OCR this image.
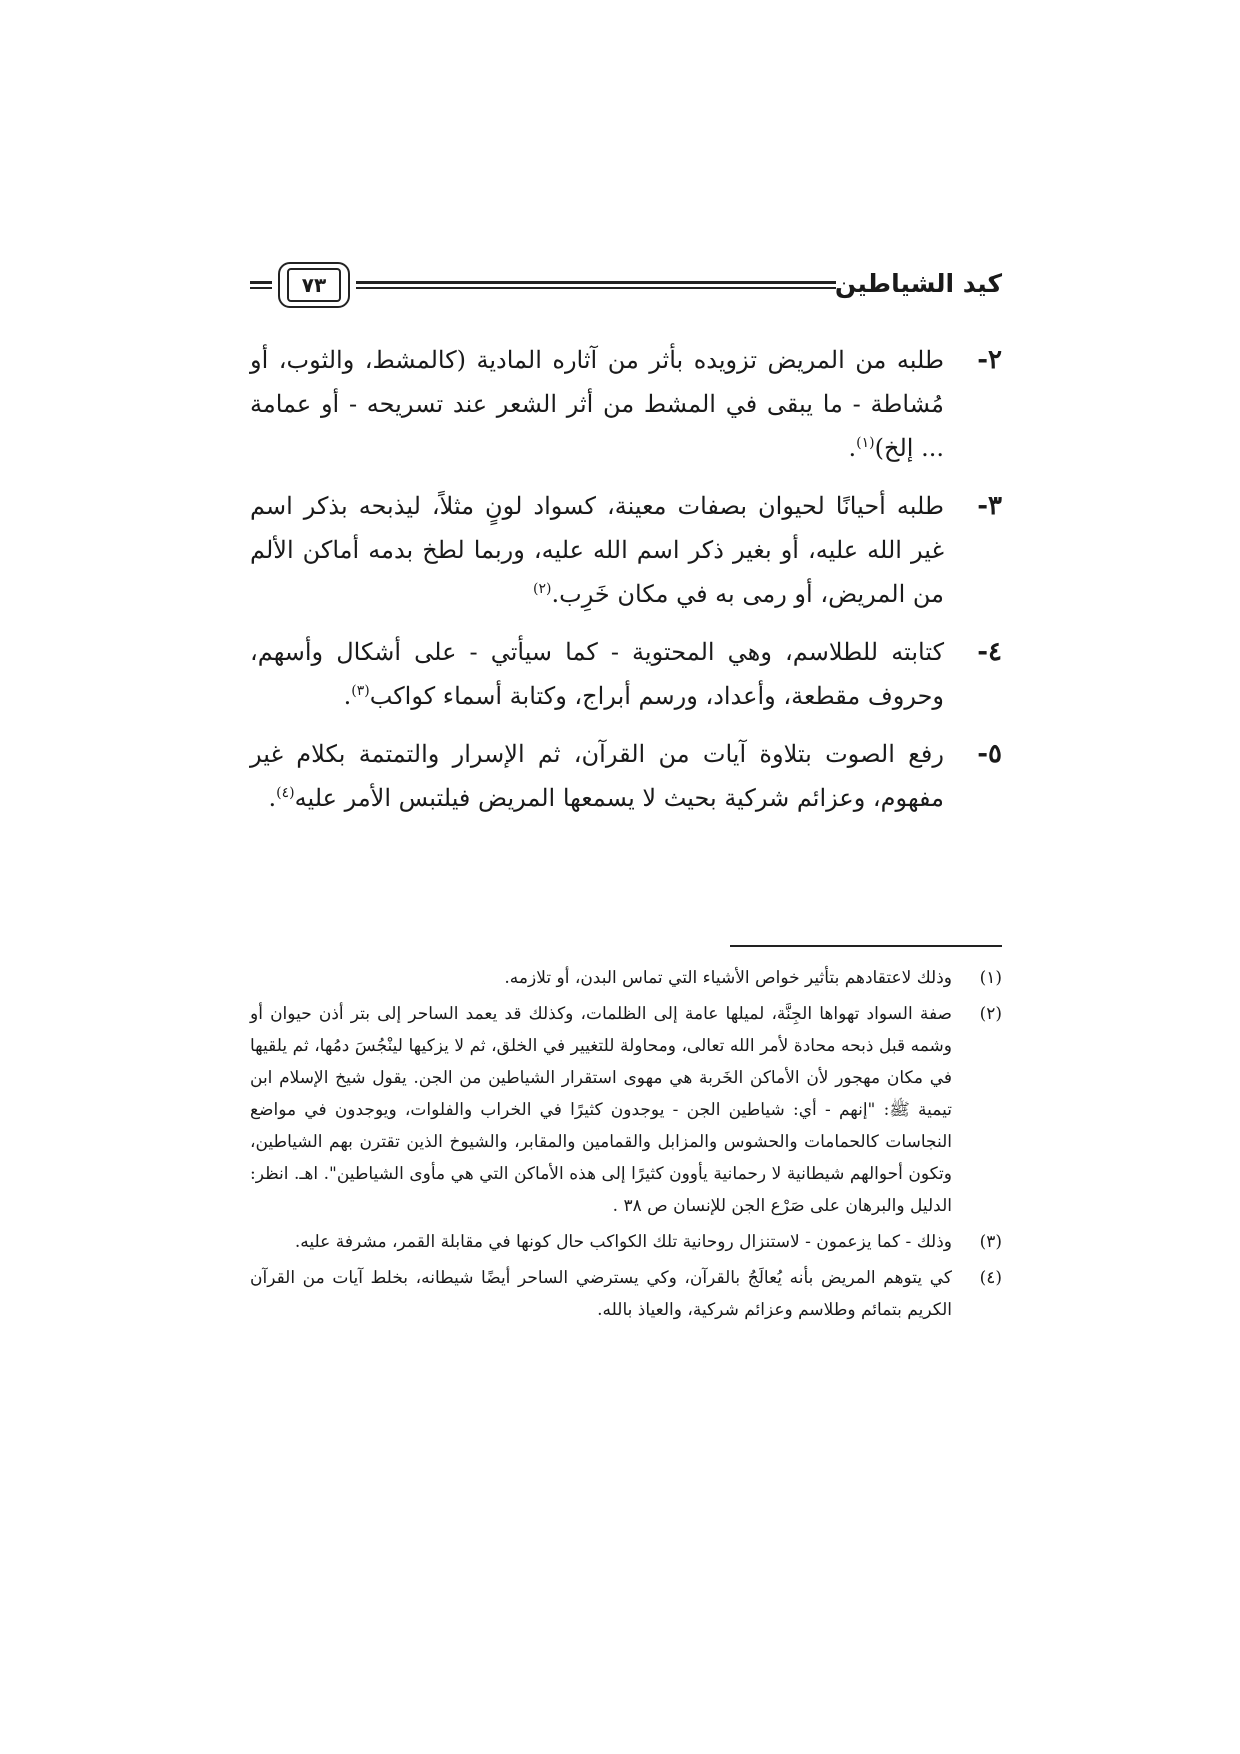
٧٣	كيد الشياطين
٢-
طلبه من المريض تزويده بأثر من آثاره المادية (كالمشط، والثوب، أو مُشاطة - ما يبقى في المشط من أثر الشعر عند تسريحه - أو عمامة ... إلخ)$^{(١)}$.
٣-
طلبه أحيانًا لحيوان بصفات معينة، كسواد لونٍ مثلاً، ليذبحه بذكر اسم غير الله عليه، أو بغير ذكر اسم الله عليه، وربما لطخ بدمه أماكن الألم من المريض، أو رمى به في مكان خَرِب.$^{(٢)}$
٤-
كتابته للطلاسم، وهي المحتوية - كما سيأتي - على أشكال وأسهم، وحروف مقطعة، وأعداد، ورسم أبراج، وكتابة أسماء كواكب$^{(٣)}$.
٥-
رفع الصوت بتلاوة آيات من القرآن، ثم الإسرار والتمتمة بكلام غير مفهوم، وعزائم شركية بحيث لا يسمعها المريض فيلتبس الأمر عليه$^{(٤)}$.
(١)
وذلك لاعتقادهم بتأثير خواص الأشياء التي تماس البدن، أو تلازمه.
(٢)
صفة السواد تهواها الجِنَّة، لميلها عامة إلى الظلمات، وكذلك قد يعمد الساحر إلى بتر أذن حيوان أو وشمه قبل ذبحه محادة لأمر الله تعالى، ومحاولة للتغيير في الخلق، ثم لا يزكيها لينْجُسَ دمُها، ثم يلقيها في مكان مهجور لأن الأماكن الخَربة هي مهوى استقرار الشياطين من الجن. يقول شيخ الإسلام ابن تيمية ﷺ: "إنهم - أي: شياطين الجن - يوجدون كثيرًا في الخراب والفلوات، ويوجدون في مواضع النجاسات كالحمامات والحشوس والمزابل والقمامين والمقابر، والشيوخ الذين تقترن بهم الشياطين، وتكون أحوالهم شيطانية لا رحمانية يأوون كثيرًا إلى هذه الأماكن التي هي مأوى الشياطين". اهـ. انظر: الدليل والبرهان على صَرْع الجن للإنسان ص ٣٨ .
(٣)
وذلك - كما يزعمون - لاستنزال روحانية تلك الكواكب حال كونها في مقابلة القمر، مشرفة عليه.
(٤)
كي يتوهم المريض بأنه يُعالَجُ بالقرآن، وكي يسترضي الساحر أيضًا شيطانه، بخلط آيات من القرآن الكريم بتمائم وطلاسم وعزائم شركية، والعياذ بالله.
